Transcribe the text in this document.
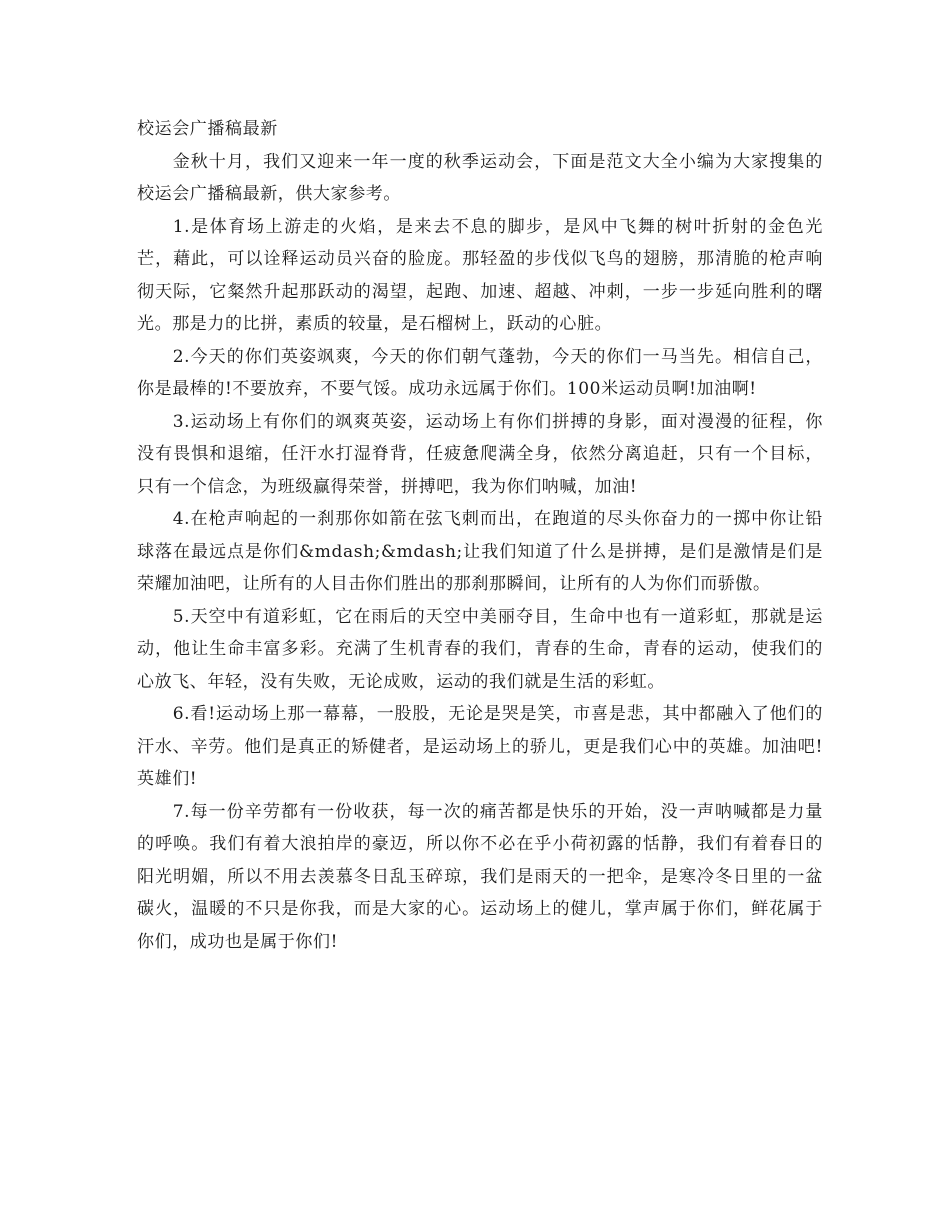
校运会广播稿最新

金秋十月，我们又迎来一年一度的秋季运动会，下面是范文大全小编为大家搜集的校运会广播稿最新，供大家参考。

1.是体育场上游走的火焰，是来去不息的脚步，是风中飞舞的树叶折射的金色光芒，藉此，可以诠释运动员兴奋的脸庞。那轻盈的步伐似飞鸟的翅膀，那清脆的枪声响彻天际，它粲然升起那跃动的渴望，起跑、加速、超越、冲刺，一步一步延向胜利的曙光。那是力的比拼，素质的较量，是石榴树上，跃动的心脏。

2.今天的你们英姿飒爽，今天的你们朝气蓬勃，今天的你们一马当先。相信自己，你是最棒的!不要放弃，不要气馁。成功永远属于你们。100米运动员啊!加油啊!

3.运动场上有你们的飒爽英姿，运动场上有你们拼搏的身影，面对漫漫的征程，你没有畏惧和退缩，任汗水打湿脊背，任疲惫爬满全身，依然分离追赶，只有一个目标，只有一个信念，为班级赢得荣誉，拼搏吧，我为你们呐喊，加油!

4.在枪声响起的一刹那你如箭在弦飞刺而出，在跑道的尽头你奋力的一掷中你让铅球落在最远点是你们&mdash;&mdash;让我们知道了什么是拼搏，是们是激情是们是荣耀加油吧，让所有的人目击你们胜出的那刹那瞬间，让所有的人为你们而骄傲。

5.天空中有道彩虹，它在雨后的天空中美丽夺目，生命中也有一道彩虹，那就是运动，他让生命丰富多彩。充满了生机青春的我们，青春的生命，青春的运动，使我们的心放飞、年轻，没有失败，无论成败，运动的我们就是生活的彩虹。

6.看!运动场上那一幕幕，一股股，无论是哭是笑，市喜是悲，其中都融入了他们的汗水、辛劳。他们是真正的矫健者，是运动场上的骄儿，更是我们心中的英雄。加油吧!英雄们!

7.每一份辛劳都有一份收获，每一次的痛苦都是快乐的开始，没一声呐喊都是力量的呼唤。我们有着大浪拍岸的豪迈，所以你不必在乎小荷初露的恬静，我们有着春日的阳光明媚，所以不用去羡慕冬日乱玉碎琼，我们是雨天的一把伞，是寒冷冬日里的一盆碳火，温暖的不只是你我，而是大家的心。运动场上的健儿，掌声属于你们，鲜花属于你们，成功也是属于你们!
